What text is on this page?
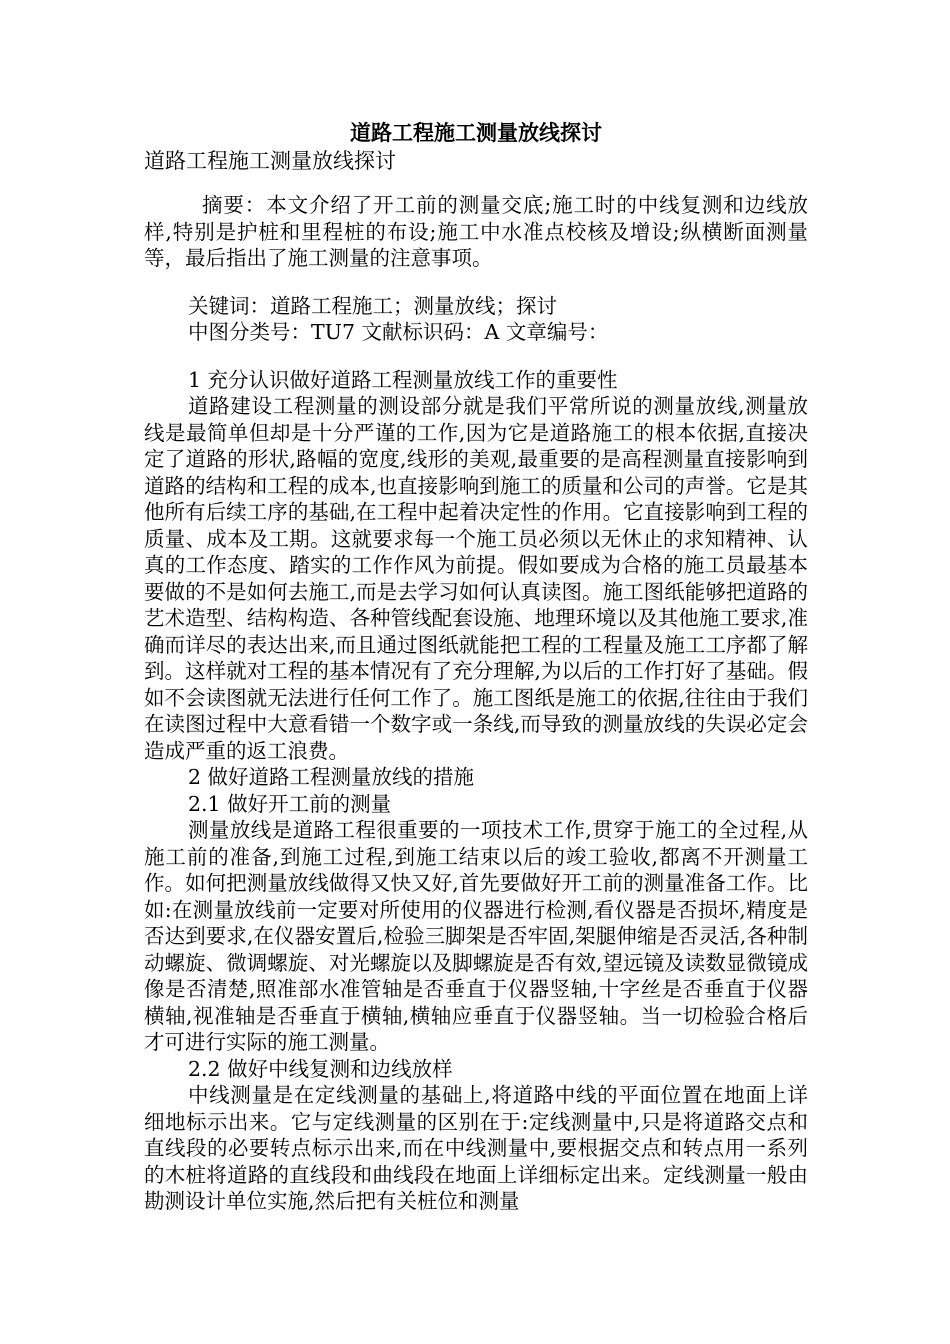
道路工程施工测量放线探讨

道路工程施工测量放线探讨

摘要：本文介绍了开工前的测量交底;施工时的中线复测和边线放样,特别是护桩和里程桩的布设;施工中水准点校核及增设;纵横断面测量等，最后指出了施工测量的注意事项。

关键词：道路工程施工；测量放线；探讨

中图分类号：TU7 文献标识码：A 文章编号：

1 充分认识做好道路工程测量放线工作的重要性

道路建设工程测量的测设部分就是我们平常所说的测量放线,测量放线是最简单但却是十分严谨的工作,因为它是道路施工的根本依据,直接决定了道路的形状,路幅的宽度,线形的美观,最重要的是高程测量直接影响到道路的结构和工程的成本,也直接影响到施工的质量和公司的声誉。它是其他所有后续工序的基础,在工程中起着决定性的作用。它直接影响到工程的质量、成本及工期。这就要求每一个施工员必须以无休止的求知精神、认真的工作态度、踏实的工作作风为前提。假如要成为合格的施工员最基本要做的不是如何去施工,而是去学习如何认真读图。施工图纸能够把道路的艺术造型、结构构造、各种管线配套设施、地理环境以及其他施工要求,准确而详尽的表达出来,而且通过图纸就能把工程的工程量及施工工序都了解到。这样就对工程的基本情况有了充分理解,为以后的工作打好了基础。假如不会读图就无法进行任何工作了。施工图纸是施工的依据,往往由于我们在读图过程中大意看错一个数字或一条线,而导致的测量放线的失误必定会造成严重的返工浪费。

2 做好道路工程测量放线的措施

2.1 做好开工前的测量

测量放线是道路工程很重要的一项技术工作,贯穿于施工的全过程,从施工前的准备,到施工过程,到施工结束以后的竣工验收,都离不开测量工作。如何把测量放线做得又快又好,首先要做好开工前的测量准备工作。比如:在测量放线前一定要对所使用的仪器进行检测,看仪器是否损坏,精度是否达到要求,在仪器安置后,检验三脚架是否牢固,架腿伸缩是否灵活,各种制动螺旋、微调螺旋、对光螺旋以及脚螺旋是否有效,望远镜及读数显微镜成像是否清楚,照准部水准管轴是否垂直于仪器竖轴,十字丝是否垂直于仪器横轴,视准轴是否垂直于横轴,横轴应垂直于仪器竖轴。当一切检验合格后才可进行实际的施工测量。

2.2 做好中线复测和边线放样

中线测量是在定线测量的基础上,将道路中线的平面位置在地面上详细地标示出来。它与定线测量的区别在于:定线测量中,只是将道路交点和直线段的必要转点标示出来,而在中线测量中,要根据交点和转点用一系列的木桩将道路的直线段和曲线段在地面上详细标定出来。定线测量一般由勘测设计单位实施,然后把有关桩位和测量
